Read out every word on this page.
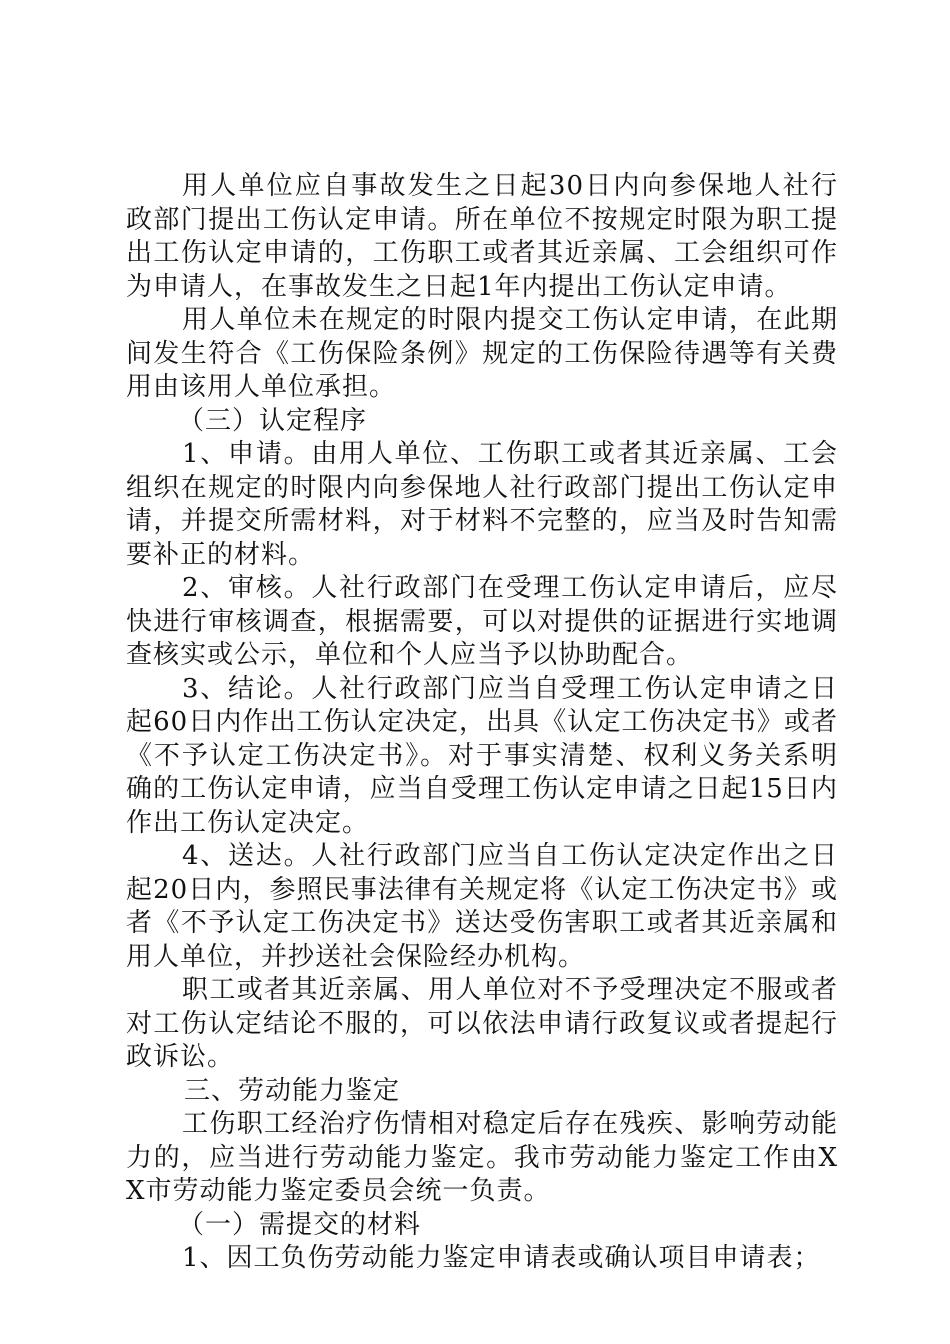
用人单位应自事故发生之日起30日内向参保地人社行政部门提出工伤认定申请。所在单位不按规定时限为职工提出工伤认定申请的，工伤职工或者其近亲属、工会组织可作为申请人，在事故发生之日起1年内提出工伤认定申请。

用人单位未在规定的时限内提交工伤认定申请，在此期间发生符合《工伤保险条例》规定的工伤保险待遇等有关费用由该用人单位承担。

（三）认定程序

1、申请。由用人单位、工伤职工或者其近亲属、工会组织在规定的时限内向参保地人社行政部门提出工伤认定申请，并提交所需材料，对于材料不完整的，应当及时告知需要补正的材料。

2、审核。人社行政部门在受理工伤认定申请后，应尽快进行审核调查，根据需要，可以对提供的证据进行实地调查核实或公示，单位和个人应当予以协助配合。

3、结论。人社行政部门应当自受理工伤认定申请之日起60日内作出工伤认定决定，出具《认定工伤决定书》或者《不予认定工伤决定书》。对于事实清楚、权利义务关系明确的工伤认定申请，应当自受理工伤认定申请之日起15日内作出工伤认定决定。

4、送达。人社行政部门应当自工伤认定决定作出之日起20日内，参照民事法律有关规定将《认定工伤决定书》或者《不予认定工伤决定书》送达受伤害职工或者其近亲属和用人单位，并抄送社会保险经办机构。

职工或者其近亲属、用人单位对不予受理决定不服或者对工伤认定结论不服的，可以依法申请行政复议或者提起行政诉讼。

三、劳动能力鉴定

工伤职工经治疗伤情相对稳定后存在残疾、影响劳动能力的，应当进行劳动能力鉴定。我市劳动能力鉴定工作由XX市劳动能力鉴定委员会统一负责。

（一）需提交的材料

1、因工负伤劳动能力鉴定申请表或确认项目申请表；
